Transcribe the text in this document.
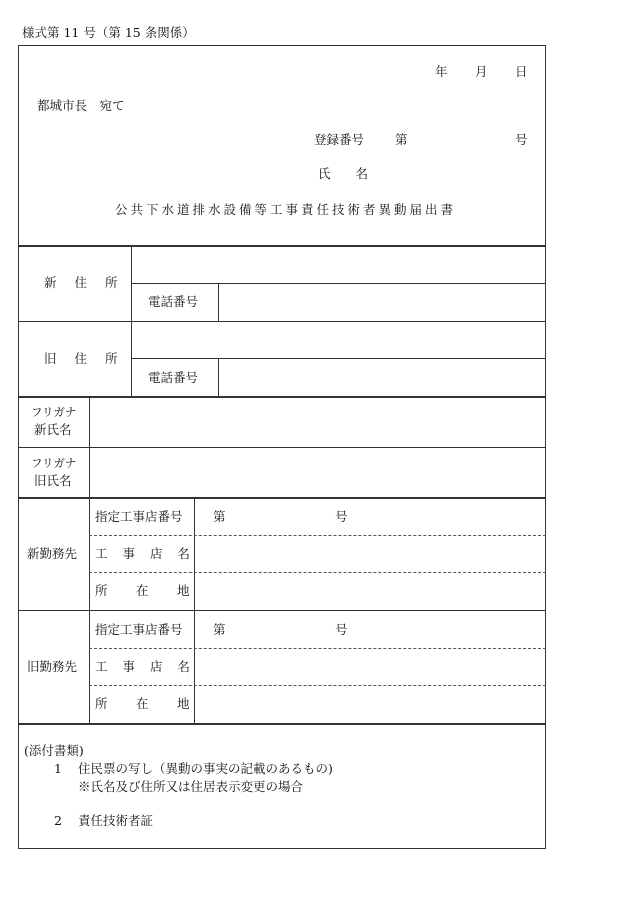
様式第 11 号（第 15 条関係）
年 月 日
都城市長　宛て
登録番号 第	号
氏　　名
公共下水道排水設備等工事責任技術者異動届出書
新 住 所
電話番号
旧 住 所
電話番号
フリガナ
新氏名
フリガナ
旧氏名
新勤務先
指定工事店番号 第	号
工 事 店 名
所　 在 　地
旧勤務先
指定工事店番号 第	号
工 事 店 名
所　 在 　地
(添付書類)
1 住民票の写し（異動の事実の記載のあるもの)
※氏名及び住所又は住居表示変更の場合
2 責任技術者証
